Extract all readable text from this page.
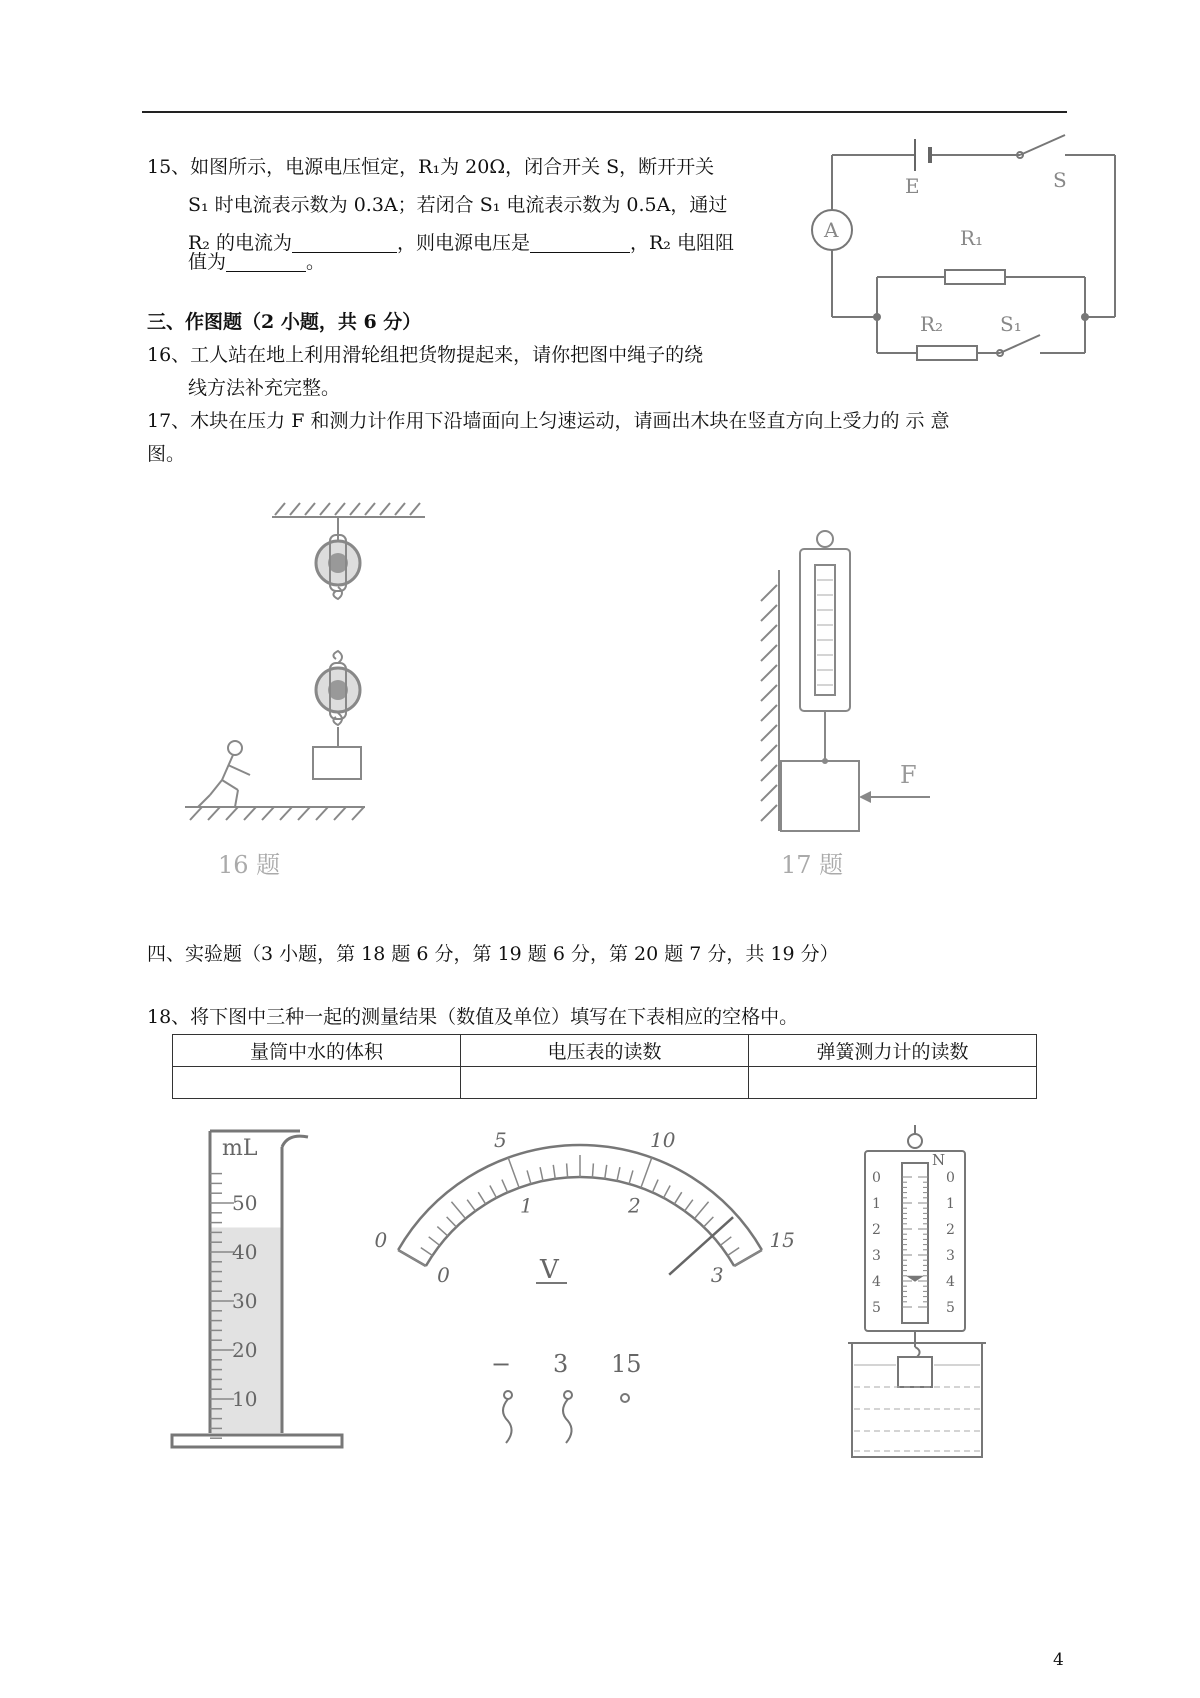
15、如图所示，电源电压恒定，R₁为 20Ω，闭合开关 S，断开开关
S₁ 时电流表示数为 0.3A；若闭合 S₁ 电流表示数为 0.5A，通过
R₂ 的电流为	，则电源电压是	，R₂ 电阻阻
值为	。
E	S
A	R₁
R₂	S₁
三、作图题（2 小题，共 6 分）
16、工人站在地上利用滑轮组把货物提起来，请你把图中绳子的绕
线方法补充完整。
17、木块在压力 F 和测力计作用下沿墙面向上匀速运动，请画出木块在竖直方向上受力的 示 意
图。
16 题
F
17 题
四、实验题（3 小题，第 18 题 6 分，第 19 题 6 分，第 20 题 7 分，共 19 分）
18、将下图中三种一起的测量结果（数值及单位）填写在下表相应的空格中。
量筒中水的体积	电压表的读数	弹簧测力计的读数

50
40
30
20
10
mL
0
5	10
15
0
1	2
3
V
− 3 15
0	0
1	1
2	2
3	3
4	4
5	5
N
4
